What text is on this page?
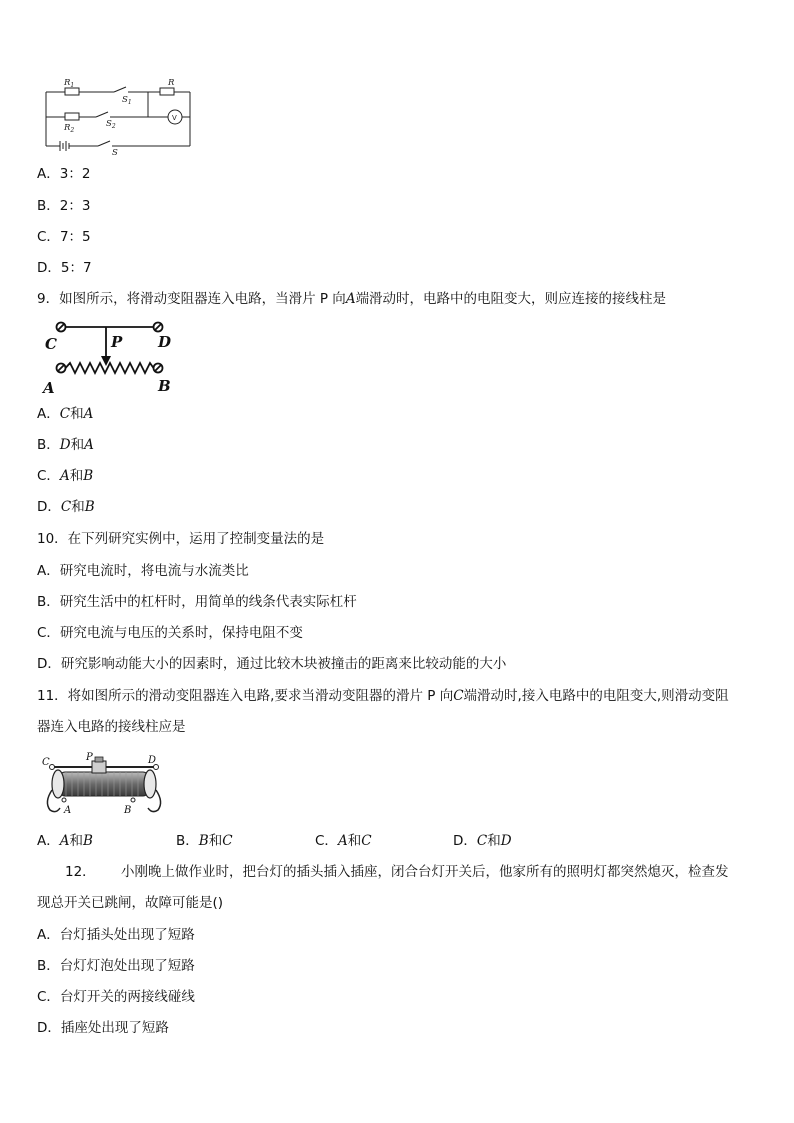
$R_1$
$R_2$
R
$S_1$
$S_2$
S
V
A．3：2
B．2：3
C．7：5
D．5：7
9．如图所示，将滑动变阻器连入电路，当滑片 P 向A端滑动时，电路中的电阻变大，则应连接的接线柱是
C	D
P
A	B
A．C和A
B．D和A
C．A和B
D．C和B
10．在下列研究实例中，运用了控制变量法的是
A．研究电流时，将电流与水流类比
B．研究生活中的杠杆时，用简单的线条代表实际杠杆
C．研究电流与电压的关系时，保持电阻不变
D．研究影响动能大小的因素时，通过比较木块被撞击的距离来比较动能的大小
11．将如图所示的滑动变阻器连入电路,要求当滑动变阻器的滑片 P 向C端滑动时,接入电路中的电阻变大,则滑动变阻
器连入电路的接线柱应是
C	P	D
A	B
A．A和B	B．B和C	C．A和C	D．C和D
12． 小刚晚上做作业时，把台灯的插头插入插座，闭合台灯开关后，他家所有的照明灯都突然熄灭，检查发
现总开关已跳闸，故障可能是()
A．台灯插头处出现了短路
B．台灯灯泡处出现了短路
C．台灯开关的两接线碰线
D．插座处出现了短路
